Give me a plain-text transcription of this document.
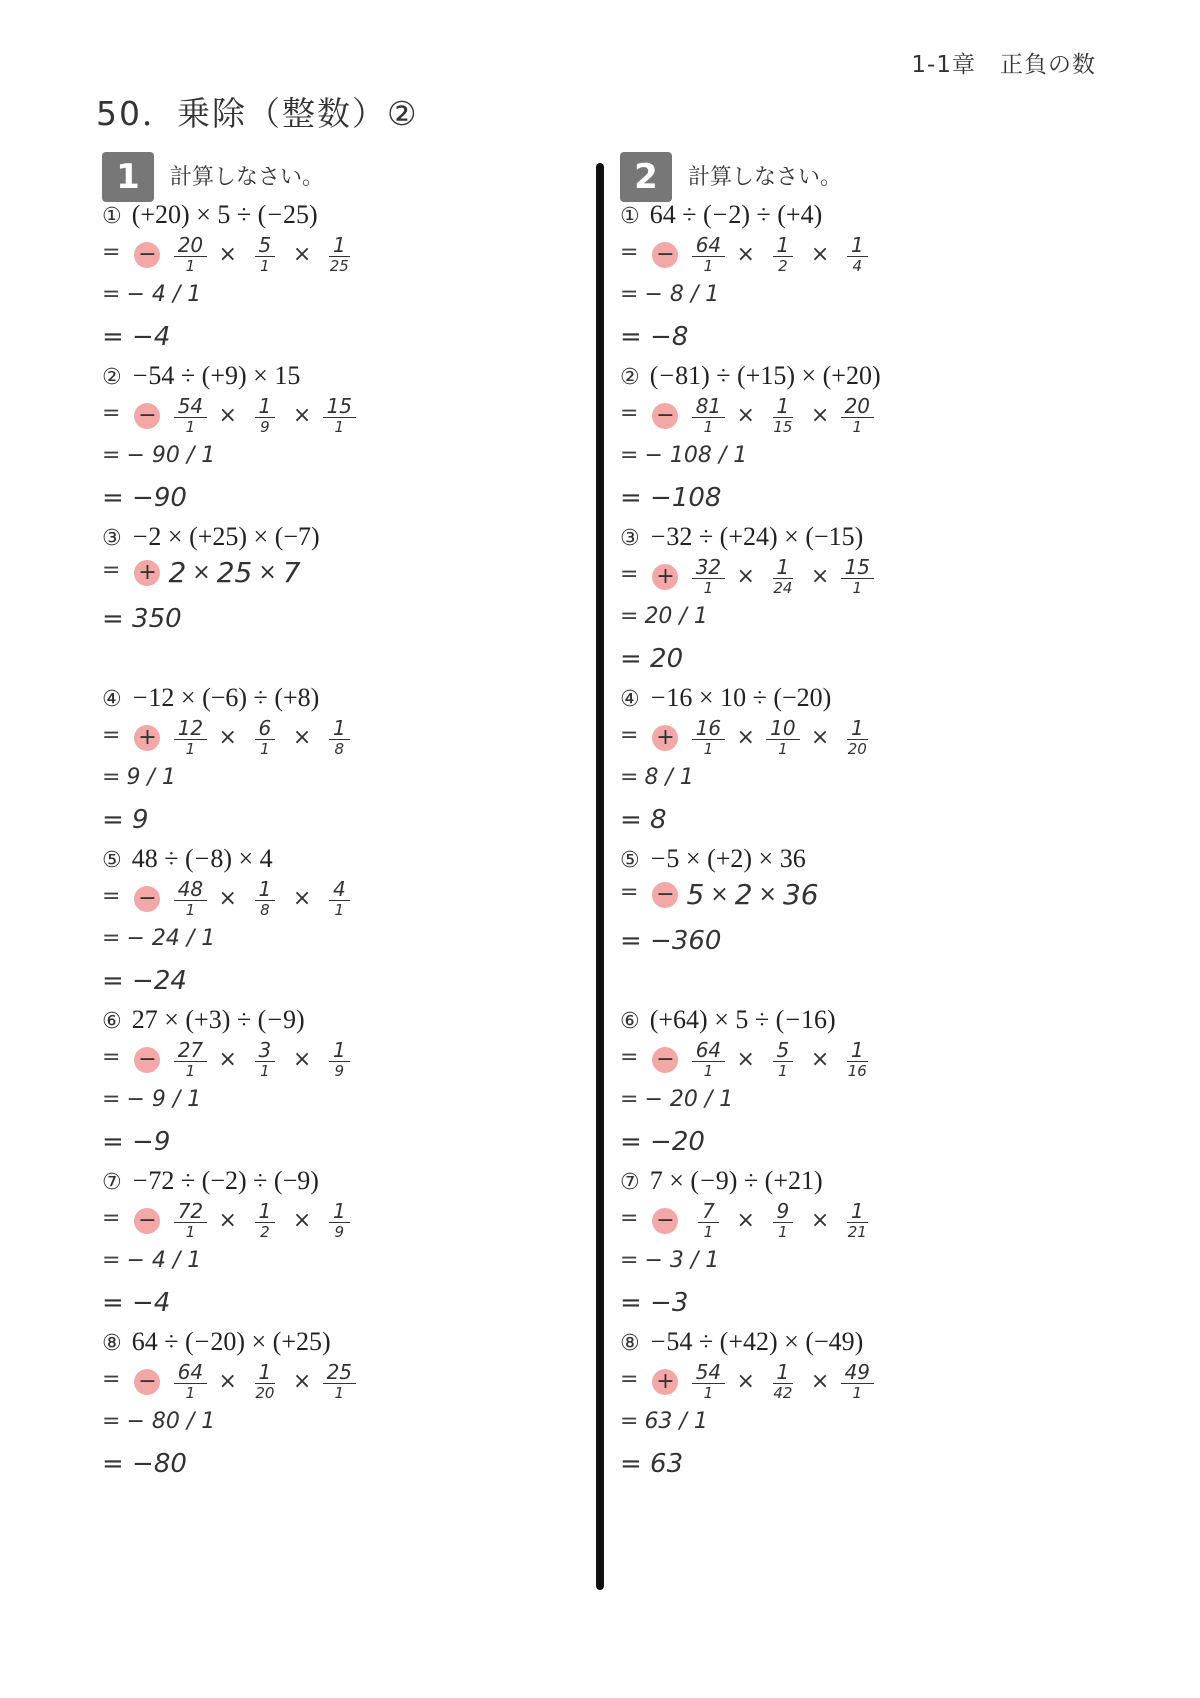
1-1章　正負の数
50．乗除（整数）②
1	計算しなさい。
① (+20) × 5 ÷ (−25)
= − $\frac{20}{1} \times \frac{5}{1} \times \frac{1}{25}$
= − 4 / 1
= −4
② −54 ÷ (+9) × 15
= − $\frac{54}{1} \times \frac{1}{9} \times \frac{15}{1}$
= − 90 / 1
= −90
③ −2 × (+25) × (−7)
= + 2 × 25 × 7
= 350
④ −12 × (−6) ÷ (+8)
= + $\frac{12}{1} \times \frac{6}{1} \times \frac{1}{8}$
= 9 / 1
= 9
⑤ 48 ÷ (−8) × 4
= − $\frac{48}{1} \times \frac{1}{8} \times \frac{4}{1}$
= − 24 / 1
= −24
⑥ 27 × (+3) ÷ (−9)
= − $\frac{27}{1} \times \frac{3}{1} \times \frac{1}{9}$
= − 9 / 1
= −9
⑦ −72 ÷ (−2) ÷ (−9)
= − $\frac{72}{1} \times \frac{1}{2} \times \frac{1}{9}$
= − 4 / 1
= −4
⑧ 64 ÷ (−20) × (+25)
= − $\frac{64}{1} \times \frac{1}{20} \times \frac{25}{1}$
= − 80 / 1
= −80
2	計算しなさい。
① 64 ÷ (−2) ÷ (+4)
= − $\frac{64}{1} \times \frac{1}{2} \times \frac{1}{4}$
= − 8 / 1
= −8
② (−81) ÷ (+15) × (+20)
= − $\frac{81}{1} \times \frac{1}{15} \times \frac{20}{1}$
= − 108 / 1
= −108
③ −32 ÷ (+24) × (−15)
= + $\frac{32}{1} \times \frac{1}{24} \times \frac{15}{1}$
= 20 / 1
= 20
④ −16 × 10 ÷ (−20)
= + $\frac{16}{1} \times \frac{10}{1} \times \frac{1}{20}$
= 8 / 1
= 8
⑤ −5 × (+2) × 36
= − 5 × 2 × 36
= −360
⑥ (+64) × 5 ÷ (−16)
= − $\frac{64}{1} \times \frac{5}{1} \times \frac{1}{16}$
= − 20 / 1
= −20
⑦ 7 × (−9) ÷ (+21)
= − $\frac{7}{1} \times \frac{9}{1} \times \frac{1}{21}$
= − 3 / 1
= −3
⑧ −54 ÷ (+42) × (−49)
= + $\frac{54}{1} \times \frac{1}{42} \times \frac{49}{1}$
= 63 / 1
= 63
